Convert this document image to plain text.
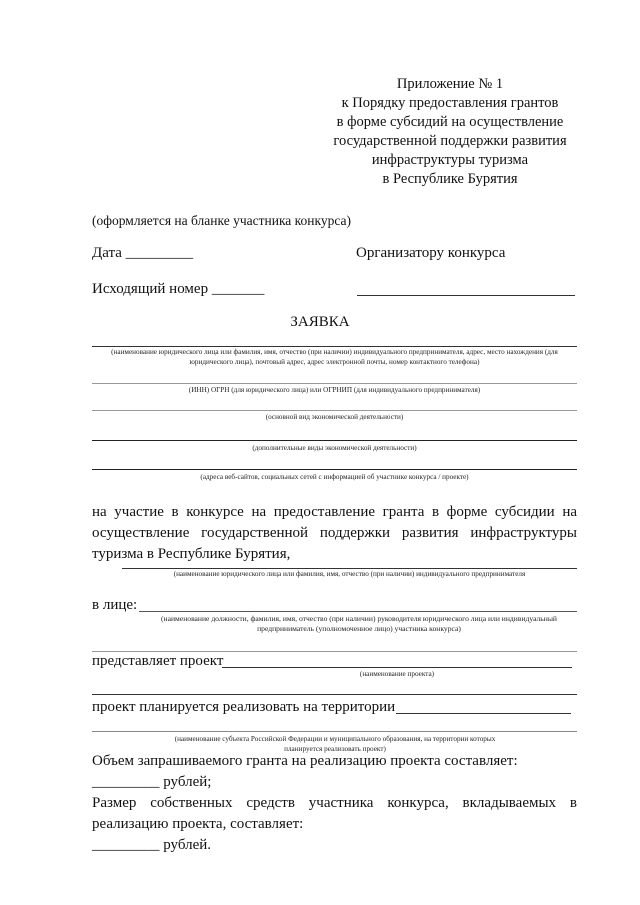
Приложение № 1
к Порядку предоставления грантов
в форме субсидий на осуществление
государственной поддержки развития
инфраструктуры туризма
в Республике Бурятия
(оформляется на бланке участника конкурса)
Дата _________	Организатору конкурса
Исходящий номер _______
ЗАЯВКА
(наименование юридического лица или фамилия, имя, отчество (при наличии) индивидуального предпринимателя, адрес, место нахождения (для юридического лица), почтовый адрес, адрес электронной почты, номер контактного телефона)
(ИНН) ОГРН (для юридического лица) или ОГРНИП (для индивидуального предпринимателя)
(основной вид экономической деятельности)
(дополнительные виды экономической деятельности)
(адреса веб-сайтов, социальных сетей с информацией об участнике конкурса / проекте)
на участие в конкурсе на предоставление гранта в форме субсидии на
осуществление государственной поддержки развития инфраструктуры
туризма в Республике Бурятия,
(наименование юридического лица или фамилия, имя, отчество (при наличии) индивидуального предпринимателя
в лице:
(наименование должности, фамилия, имя, отчество (при наличии) руководителя юридического лица или индивидуальный предприниматель (уполномоченное лицо) участника конкурса)
представляет проект
(наименование проекта)
проект планируется реализовать на территории
(наименование субъекта Российской Федерации и муниципального образования, на территории которых планируется реализовать проект)
Объем запрашиваемого гранта на реализацию проекта составляет:
_________ рублей;
Размер собственных средств участника конкурса, вкладываемых в
реализацию проекта, составляет:
_________ рублей.
